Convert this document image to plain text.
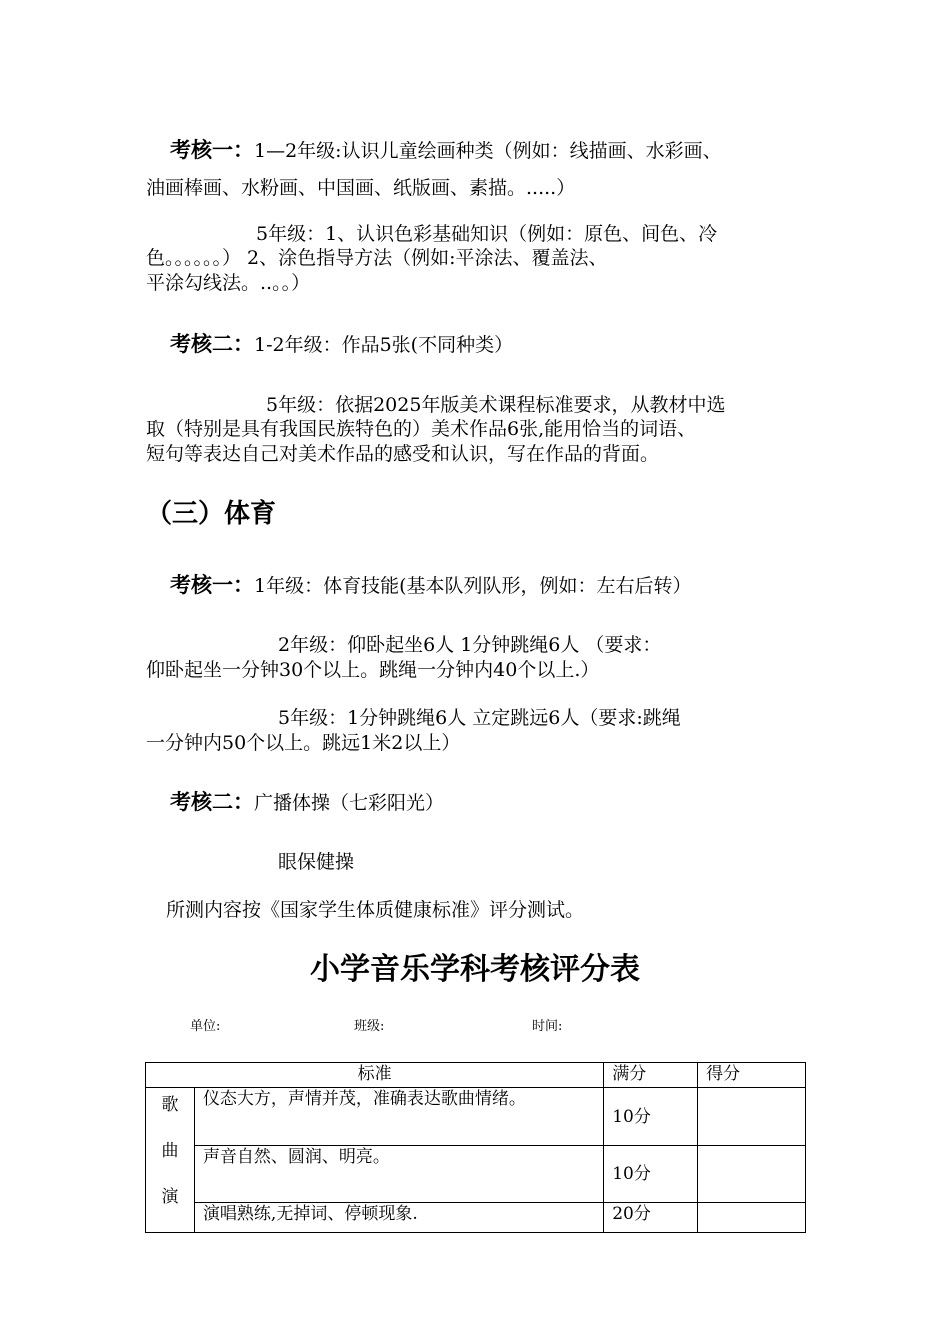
考核一：1—2年级:认识儿童绘画种类（例如：线描画、水彩画、
油画棒画、水粉画、中国画、纸版画、素描。.....）
5年级：1、认识色彩基础知识（例如：原色、间色、冷
色。。。。。。） 2、涂色指导方法（例如:平涂法、覆盖法、
平涂勾线法。..。。）
考核二：1-2年级：作品5张(不同种类）
5年级：依据2025年版美术课程标准要求，从教材中选
取（特别是具有我国民族特色的）美术作品6张,能用恰当的词语、
短句等表达自己对美术作品的感受和认识，写在作品的背面。
（三）体育
考核一：1年级：体育技能(基本队列队形，例如：左右后转）
2年级：仰卧起坐6人 1分钟跳绳6人 （要求：
仰卧起坐一分钟30个以上。跳绳一分钟内40个以上.）
5年级：1分钟跳绳6人 立定跳远6人（要求:跳绳
一分钟内50个以上。跳远1米2以上）
考核二：广播体操（七彩阳光）
眼保健操
所测内容按《国家学生体质健康标准》评分测试。
小学音乐学科考核评分表
单位:	班级:	时间:
标准		满分	得分

歌
曲
演	仪态大方，声情并茂，准确表达歌曲情绪。	10分	
	声音自然、圆润、明亮。	10分	
	演唱熟练,无掉词、停顿现象.	20分	
